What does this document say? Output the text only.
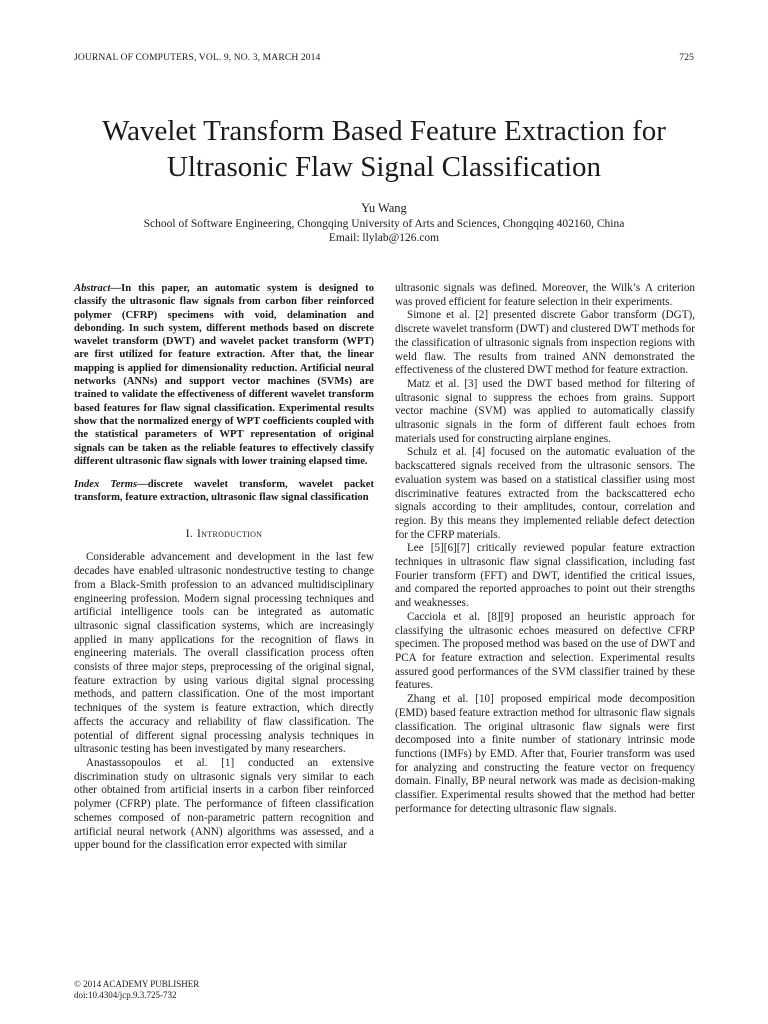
JOURNAL OF COMPUTERS, VOL. 9, NO. 3, MARCH 2014	725
Wavelet Transform Based Feature Extraction for
Ultrasonic Flaw Signal Classification
Yu Wang
School of Software Engineering, Chongqing University of Arts and Sciences, Chongqing 402160, China
Email: llylab@126.com

Abstract—In this paper, an automatic system is designed to classify the ultrasonic flaw signals from carbon fiber reinforced polymer (CFRP) specimens with void, delamination and debonding. In such system, different methods based on discrete wavelet transform (DWT) and wavelet packet transform (WPT) are first utilized for feature extraction. After that, the linear mapping is applied for dimensionality reduction. Artificial neural networks (ANNs) and support vector machines (SVMs) are trained to validate the effectiveness of different wavelet transform based features for flaw signal classification. Experimental results show that the normalized energy of WPT coefficients coupled with the statistical parameters of WPT representation of original signals can be taken as the reliable features to effectively classify different ultrasonic flaw signals with lower training elapsed time.

Index Terms—discrete wavelet transform, wavelet packet transform, feature extraction, ultrasonic flaw signal classification

I. Introduction

Considerable advancement and development in the last few decades have enabled ultrasonic nondestructive testing to change from a Black-Smith profession to an advanced multidisciplinary engineering profession. Modern signal processing techniques and artificial intelligence tools can be integrated as automatic ultrasonic signal classification systems, which are increasingly applied in many applications for the recognition of flaws in engineering materials. The overall classification process often consists of three major steps, preprocessing of the original signal, feature extraction by using various digital signal processing methods, and pattern classification. One of the most important techniques of the system is feature extraction, which directly affects the accuracy and reliability of flaw classification. The potential of different signal processing analysis techniques in ultrasonic testing has been investigated by many researchers.

Anastassopoulos et al. [1] conducted an extensive discrimination study on ultrasonic signals very similar to each other obtained from artificial inserts in a carbon fiber reinforced polymer (CFRP) plate. The performance of fifteen classification schemes composed of non-parametric pattern recognition and artificial neural network (ANN) algorithms was assessed, and a upper bound for the classification error expected with similar

ultrasonic signals was defined. Moreover, the Wilk’s Λ criterion was proved efficient for feature selection in their experiments.

Simone et al. [2] presented discrete Gabor transform (DGT), discrete wavelet transform (DWT) and clustered DWT methods for the classification of ultrasonic signals from inspection regions with weld flaw. The results from trained ANN demonstrated the effectiveness of the clustered DWT method for feature extraction.

Matz et al. [3] used the DWT based method for filtering of ultrasonic signal to suppress the echoes from grains. Support vector machine (SVM) was applied to automatically classify ultrasonic signals in the form of different fault echoes from materials used for constructing airplane engines.

Schulz et al. [4] focused on the automatic evaluation of the backscattered signals received from the ultrasonic sensors. The evaluation system was based on a statistical classifier using most discriminative features extracted from the backscattered echo signals according to their amplitudes, contour, correlation and region. By this means they implemented reliable defect detection for the CFRP materials.

Lee [5][6][7] critically reviewed popular feature extraction techniques in ultrasonic flaw signal classification, including fast Fourier transform (FFT) and DWT, identified the critical issues, and compared the reported approaches to point out their strengths and weaknesses.

Cacciola et al. [8][9] proposed an heuristic approach for classifying the ultrasonic echoes measured on defective CFRP specimen. The proposed method was based on the use of DWT and PCA for feature extraction and selection. Experimental results assured good performances of the SVM classifier trained by these features.

Zhang et al. [10] proposed empirical mode decomposition (EMD) based feature extraction method for ultrasonic flaw signals classification. The original ultrasonic flaw signals were first decomposed into a finite number of stationary intrinsic mode functions (IMFs) by EMD. After that, Fourier transform was used for analyzing and constructing the feature vector on frequency domain. Finally, BP neural network was made as decision-making classifier. Experimental results showed that the method had better performance for detecting ultrasonic flaw signals.

© 2014 ACADEMY PUBLISHER
doi:10.4304/jcp.9.3.725-732
